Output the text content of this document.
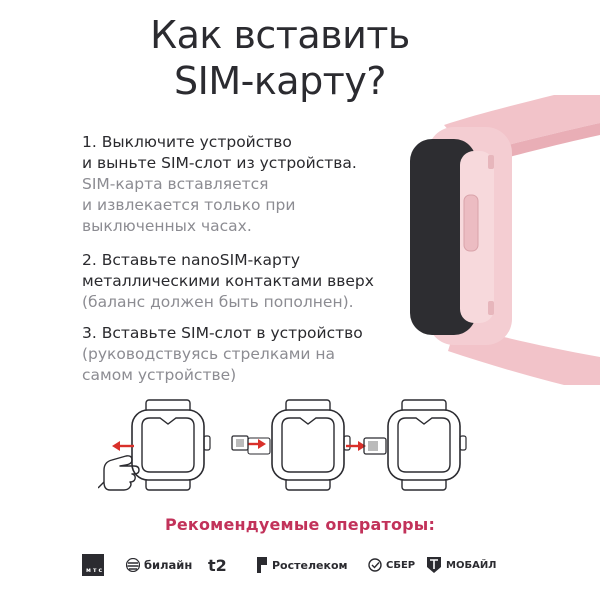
Как вставить
SIM-карту?
1. Выключите устройство
и выньте SIM-слот из устройства.
SIM-карта вставляется
и извлекается только при
выключенных часах.
2. Вставьте nanoSIM-карту
металлическими контактами вверх
(баланс должен быть пополнен).
3. Вставьте SIM-слот в устройство
(руководствуясь стрелками на
самом устройстве)
Рекомендуемые операторы:
м т с	билайн t2	Ростелеком	СБЕР	МОБАЙЛ
